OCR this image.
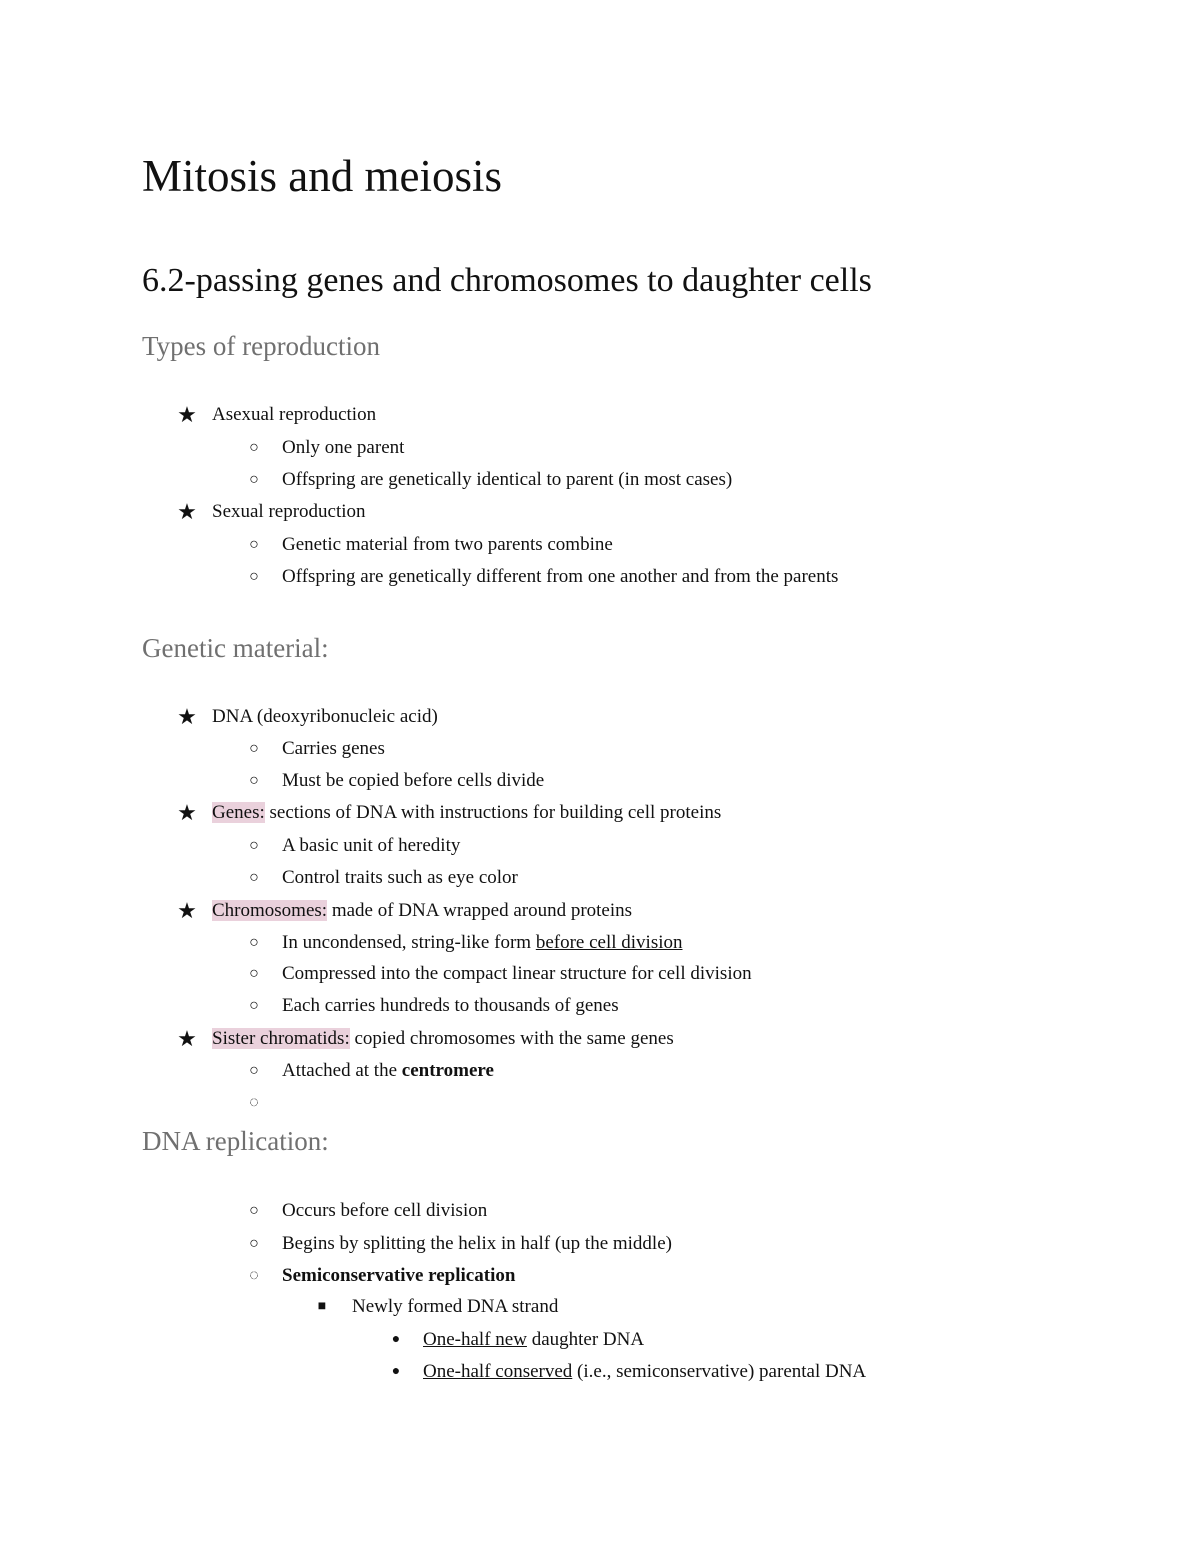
Mitosis and meiosis
6.2-passing genes and chromosomes to daughter cells
Types of reproduction
★ Asexual reproduction
○	Only one parent
○	Offspring are genetically identical to parent (in most cases)
★ Sexual reproduction
○	Genetic material from two parents combine
○	Offspring are genetically different from one another and from the parents
Genetic material:
★ DNA (deoxyribonucleic acid)
○	Carries genes
○	Must be copied before cells divide
★ Genes: sections of DNA with instructions for building cell proteins
○	A basic unit of heredity
○	Control traits such as eye color
★ Chromosomes: made of DNA wrapped around proteins
○	In uncondensed, string-like form before cell division
○	Compressed into the compact linear structure for cell division
○	Each carries hundreds to thousands of genes
★ Sister chromatids: copied chromosomes with the same genes
○	Attached at the centromere
◌
DNA replication:
○	Occurs before cell division
○	Begins by splitting the helix in half (up the middle)
◌	Semiconservative replication
■	Newly formed DNA strand
●	One-half new daughter DNA
●	One-half conserved (i.e., semiconservative) parental DNA
